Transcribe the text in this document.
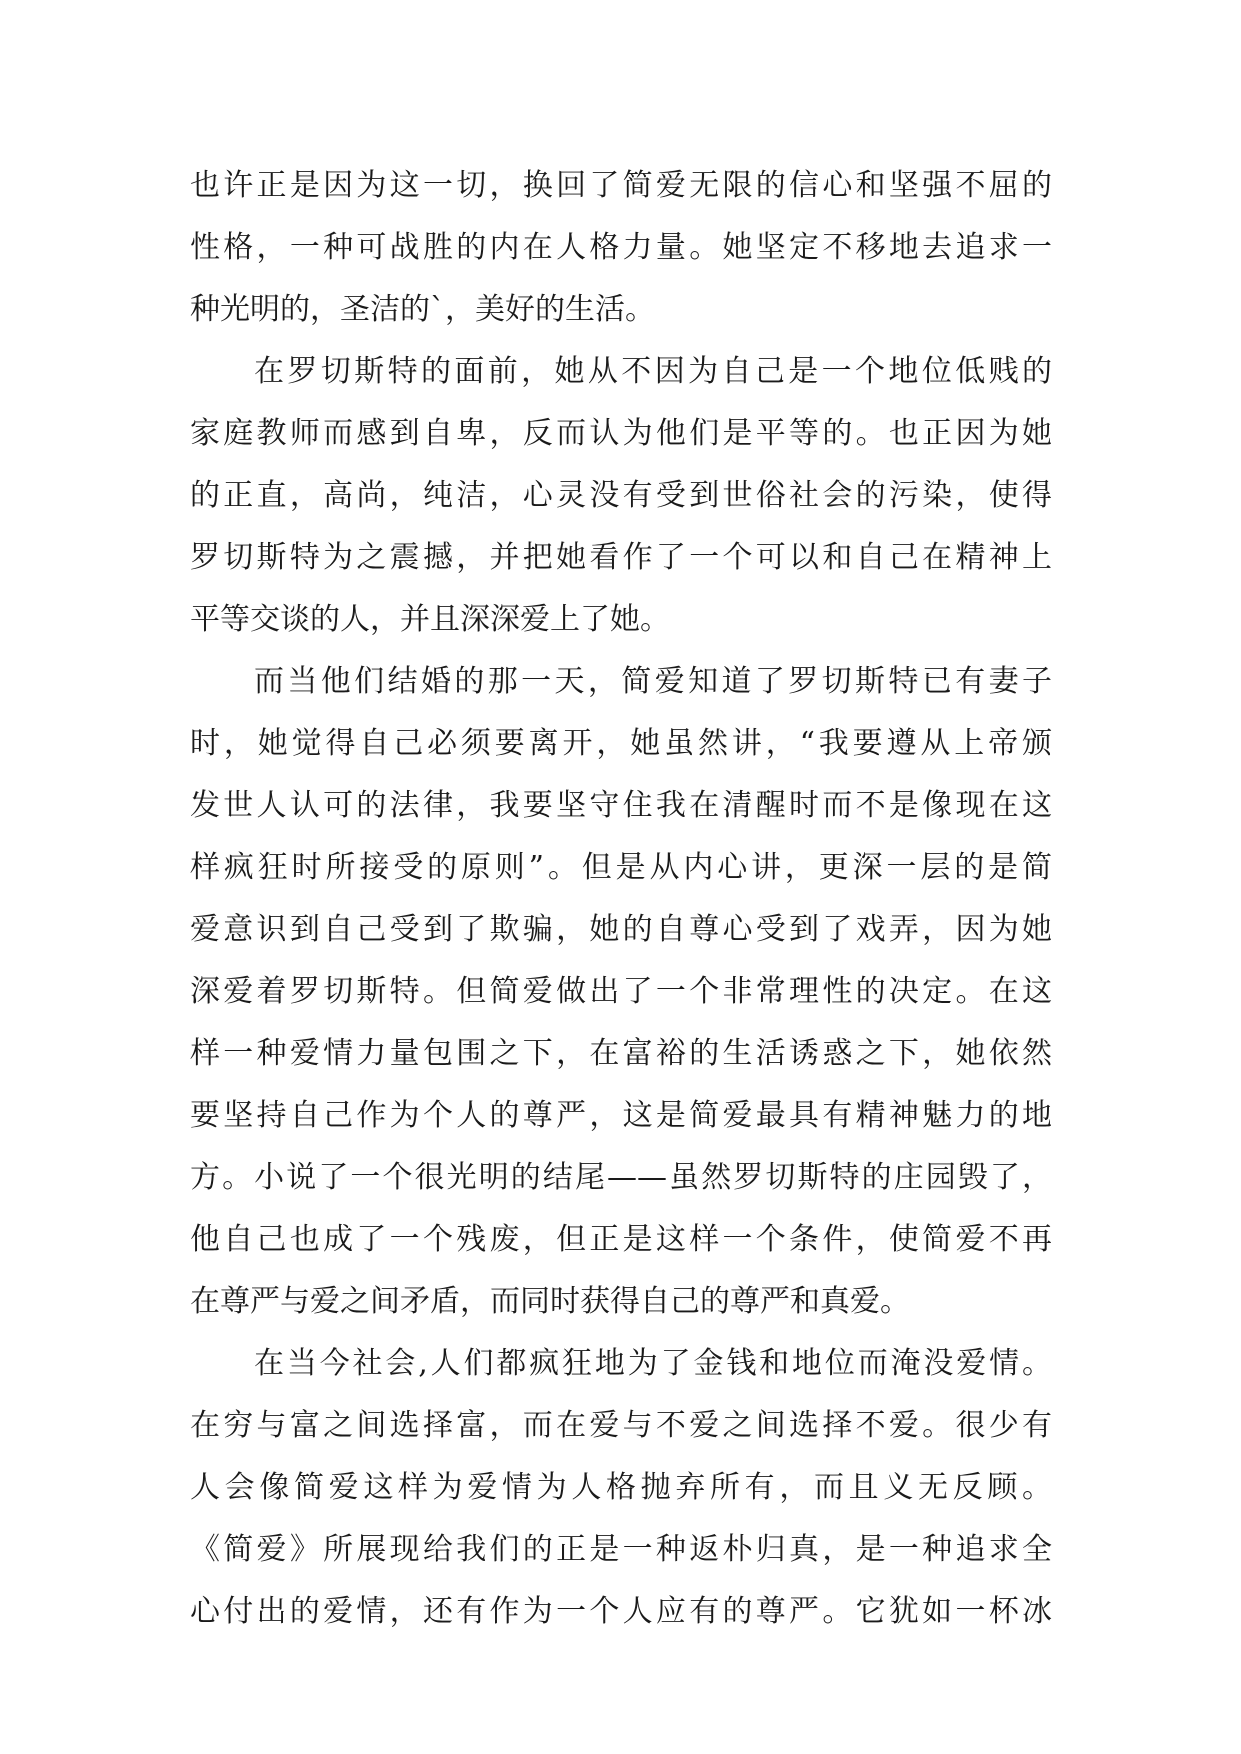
也许正是因为这一切，换回了简爱无限的信心和坚强不屈的
性格，一种可战胜的内在人格力量。她坚定不移地去追求一
种光明的，圣洁的`，美好的生活。
在罗切斯特的面前，她从不因为自己是一个地位低贱的
家庭教师而感到自卑，反而认为他们是平等的。也正因为她
的正直，高尚，纯洁，心灵没有受到世俗社会的污染，使得
罗切斯特为之震撼，并把她看作了一个可以和自己在精神上
平等交谈的人，并且深深爱上了她。
而当他们结婚的那一天，简爱知道了罗切斯特已有妻子
时，她觉得自己必须要离开，她虽然讲，“我要遵从上帝颁
发世人认可的法律，我要坚守住我在清醒时而不是像现在这
样疯狂时所接受的原则”。但是从内心讲，更深一层的是简
爱意识到自己受到了欺骗，她的自尊心受到了戏弄，因为她
深爱着罗切斯特。但简爱做出了一个非常理性的决定。在这
样一种爱情力量包围之下，在富裕的生活诱惑之下，她依然
要坚持自己作为个人的尊严，这是简爱最具有精神魅力的地
方。小说了一个很光明的结尾——虽然罗切斯特的庄园毁了，
他自己也成了一个残废，但正是这样一个条件，使简爱不再
在尊严与爱之间矛盾，而同时获得自己的尊严和真爱。
在当今社会,人们都疯狂地为了金钱和地位而淹没爱情。
在穷与富之间选择富，而在爱与不爱之间选择不爱。很少有
人会像简爱这样为爱情为人格抛弃所有，而且义无反顾。
《简爱》所展现给我们的正是一种返朴归真，是一种追求全
心付出的爱情，还有作为一个人应有的尊严。它犹如一杯冰
